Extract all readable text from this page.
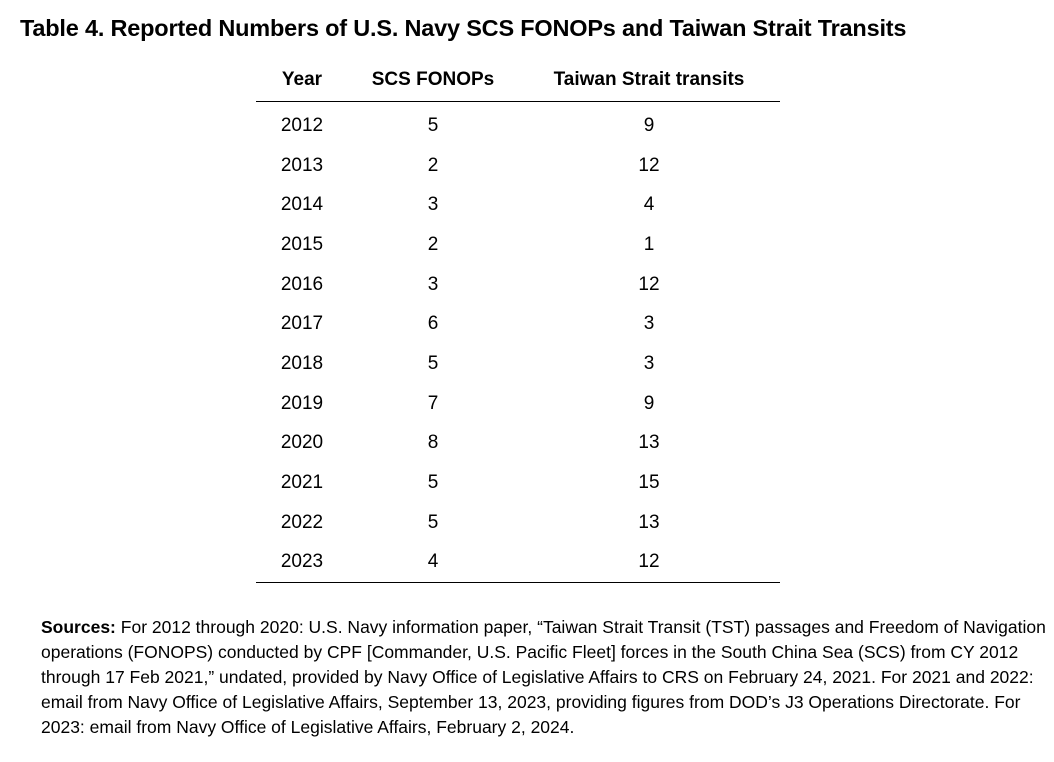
Table 4. Reported Numbers of U.S. Navy SCS FONOPs and Taiwan Strait Transits
Year	SCS FONOPs	Taiwan Strait transits
2012	5	9
2013	2	12
2014	3	4
2015	2	1
2016	3	12
2017	6	3
2018	5	3
2019	7	9
2020	8	13
2021	5	15
2022	5	13
2023	4	12

Sources: For 2012 through 2020: U.S. Navy information paper, “Taiwan Strait Transit (TST) passages and Freedom of Navigation operations (FONOPS) conducted by CPF [Commander, U.S. Pacific Fleet] forces in the South China Sea (SCS) from CY 2012 through 17 Feb 2021,” undated, provided by Navy Office of Legislative Affairs to CRS on February 24, 2021. For 2021 and 2022: email from Navy Office of Legislative Affairs, September 13, 2023, providing figures from DOD’s J3 Operations Directorate. For 2023: email from Navy Office of Legislative Affairs, February 2, 2024.
